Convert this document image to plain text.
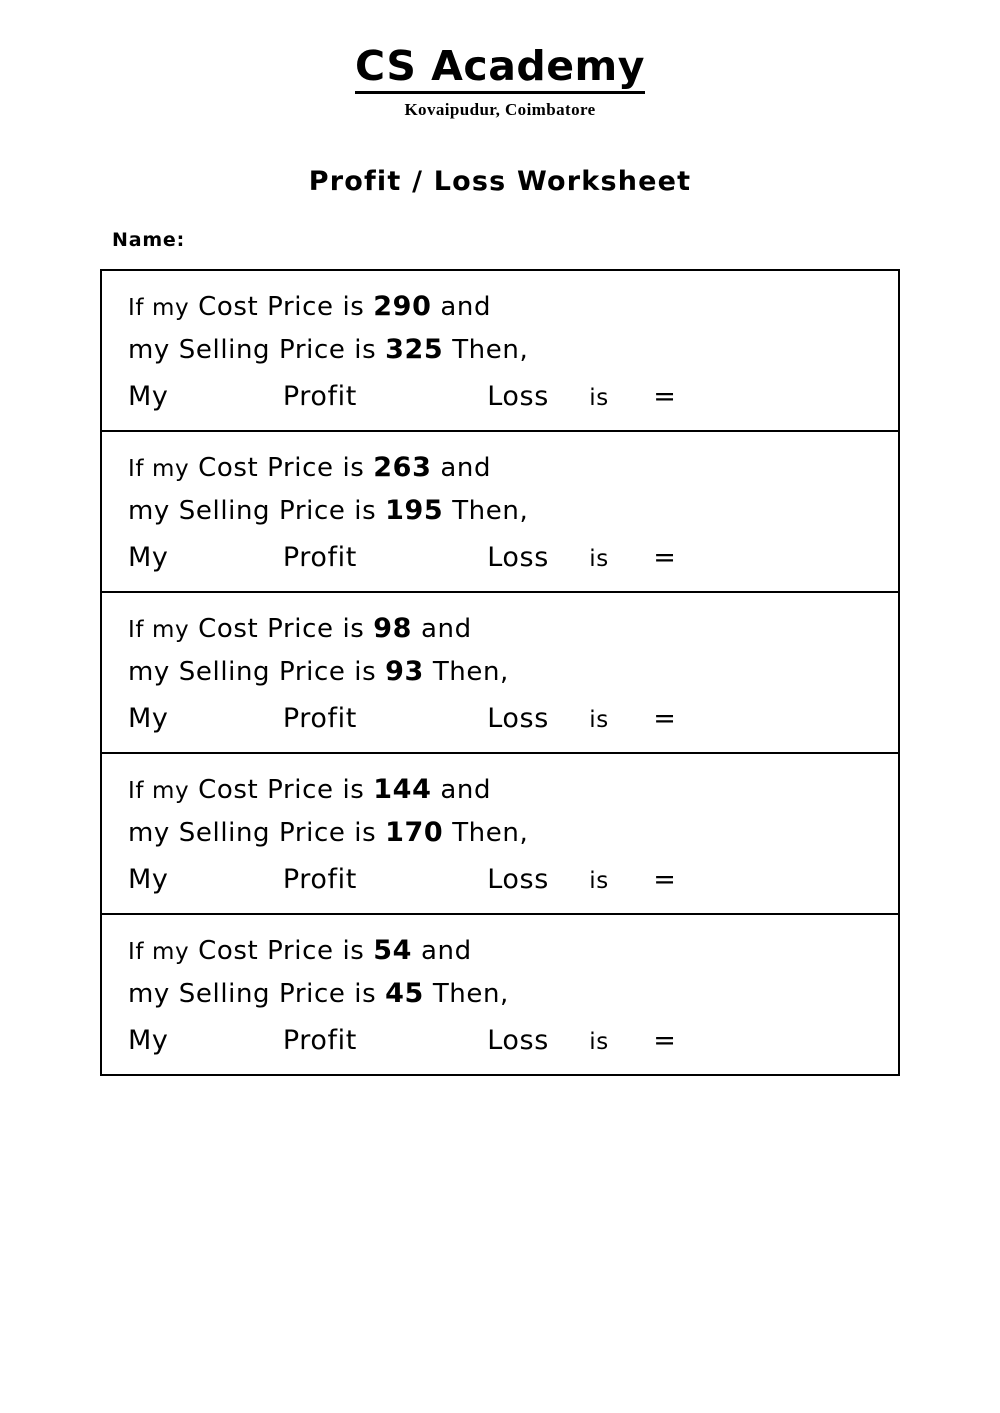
CS Academy
Kovaipudur, Coimbatore
Profit / Loss Worksheet
Name:
If my Cost Price is 290 and
my Selling Price is 325 Then,
My	Profit	Loss is =
If my Cost Price is 263 and
my Selling Price is 195 Then,
My	Profit	Loss is =
If my Cost Price is 98 and
my Selling Price is 93 Then,
My	Profit	Loss is =
If my Cost Price is 144 and
my Selling Price is 170 Then,
My	Profit	Loss is =
If my Cost Price is 54 and
my Selling Price is 45 Then,
My	Profit	Loss is =
